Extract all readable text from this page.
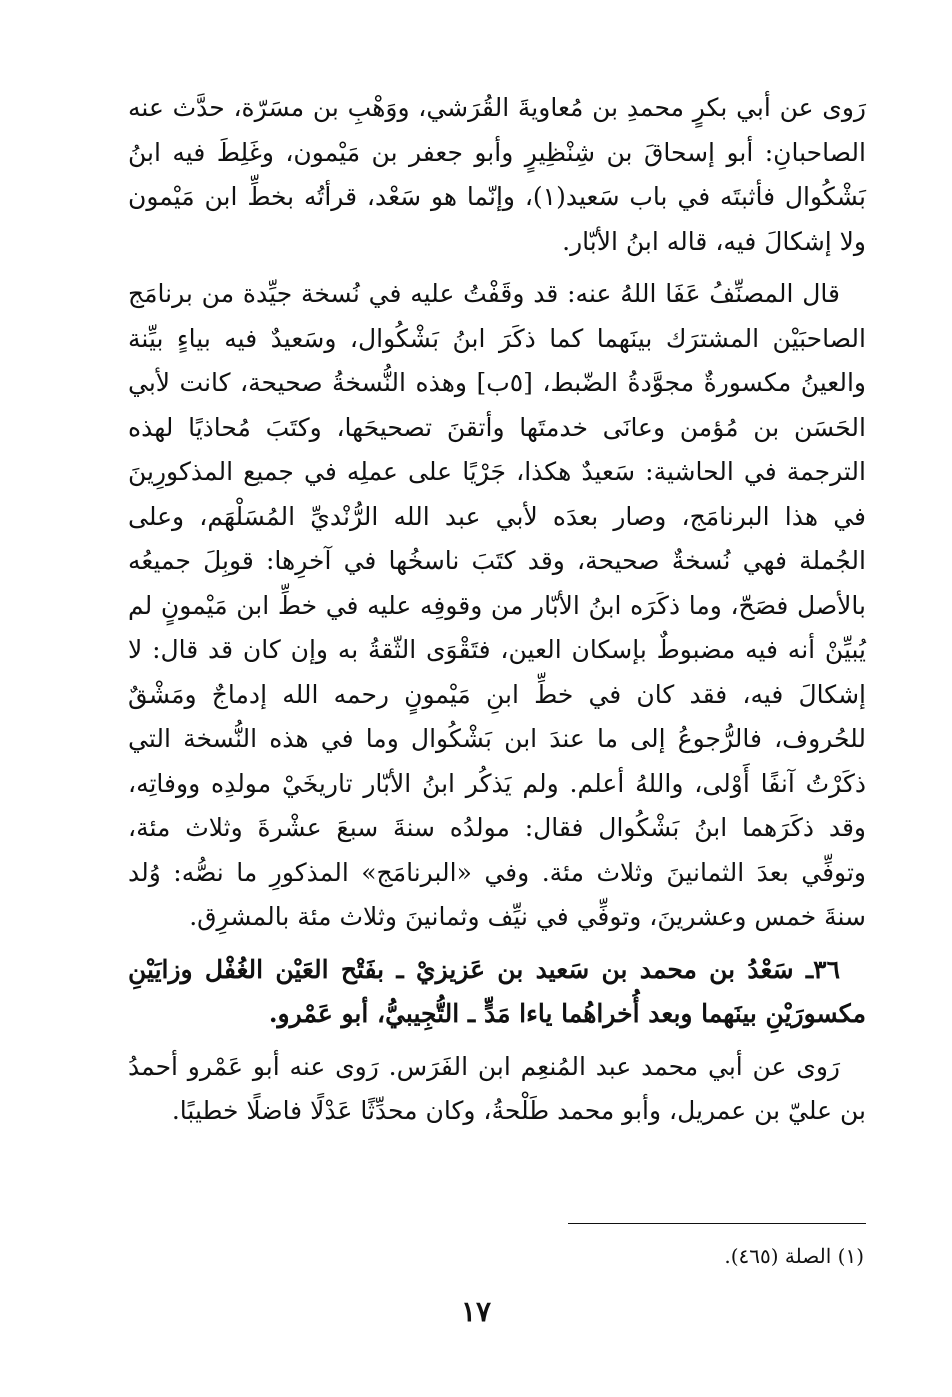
رَوى عن أبي بكرٍ محمدِ بن مُعاويةَ القُرَشي، ووَهْبِ بن مسَرّة، حدَّث عنه الصاحبانِ: أبو إسحاقَ بن شِنْظِيرٍ وأبو جعفر بن مَيْمون، وغَلِطَ فيه ابنُ بَشْكُوال فأثبتَه في باب سَعيد(١)، وإنّما هو سَعْد، قرأتُه بخطِّ ابن مَيْمون ولا إشكالَ فيه، قاله ابنُ الأبّار.

قال المصنِّفُ عَفَا اللهُ عنه: قد وقَفْتُ عليه في نُسخة جيِّدة من برنامَج الصاحبَيْن المشترَك بينَهما كما ذكَرَ ابنُ بَشْكُوال، وسَعيدٌ فيه بياءٍ بيِّنة والعينُ مكسورةٌ مجوَّدةُ الضّبط، [٥ب] وهذه النُّسخةُ صحيحة، كانت لأبي الحَسَن بن مُؤمن وعانَى خدمتَها وأتقنَ تصحيحَها، وكتَبَ مُحاذيًا لهذه الترجمة في الحاشية: سَعيدٌ هكذا، جَرْيًا على عملِه في جميع المذكورِينَ في هذا البرنامَج، وصار بعدَه لأبي عبد الله الرُّنْديِّ المُسَلْهَم، وعلى الجُملة فهي نُسخةٌ صحيحة، وقد كتَبَ ناسخُها في آخرِها: قوبِلَ جميعُه بالأصل فصَحّ، وما ذكَرَه ابنُ الأبّار من وقوفِه عليه في خطِّ ابن مَيْمونٍ لم يُبيِّنْ أنه فيه مضبوطٌ بإسكان العين، فتَقْوَى الثّقةُ به وإن كان قد قال: لا إشكالَ فيه، فقد كان في خطِّ ابنِ مَيْمونٍ رحمه الله إدماجٌ ومَشْقٌ للحُروف، فالرُّجوعُ إلى ما عندَ ابن بَشْكُوال وما في هذه النُّسخة التي ذكَرْتُ آنفًا أَوْلى، واللهُ أعلم. ولم يَذكُر ابنُ الأبّار تاريخَيْ مولدِه ووفاتِه، وقد ذكَرَهما ابنُ بَشْكُوال فقال: مولدُه سنةَ سبعَ عشْرةَ وثلاث مئة، وتوفِّي بعدَ الثمانينَ وثلاث مئة. وفي «البرنامَج» المذكورِ ما نصُّه: وُلد سنةَ خمس وعشرينَ، وتوفِّي في نيِّف وثمانينَ وثلاث مئة بالمشرِق.

٣٦ـ سَعْدُ بن محمد بن سَعيد بن عَزيزيْ ـ بفَتْح العَيْن الغُفْل وزايَيْنِ مكسورَيْنِ بينَهما وبعد أُخراهُما ياءا مَدٍّ ـ التُّجِيبيُّ، أبو عَمْرو.

رَوى عن أبي محمد عبد المُنعِم ابن الفَرَس. رَوى عنه أبو عَمْرو أحمدُ بن عليّ بن عمريل، وأبو محمد طَلْحةُ، وكان محدِّثًا عَدْلًا فاضلًا خطيبًا.

(١) الصلة (٤٦٥).
١٧
